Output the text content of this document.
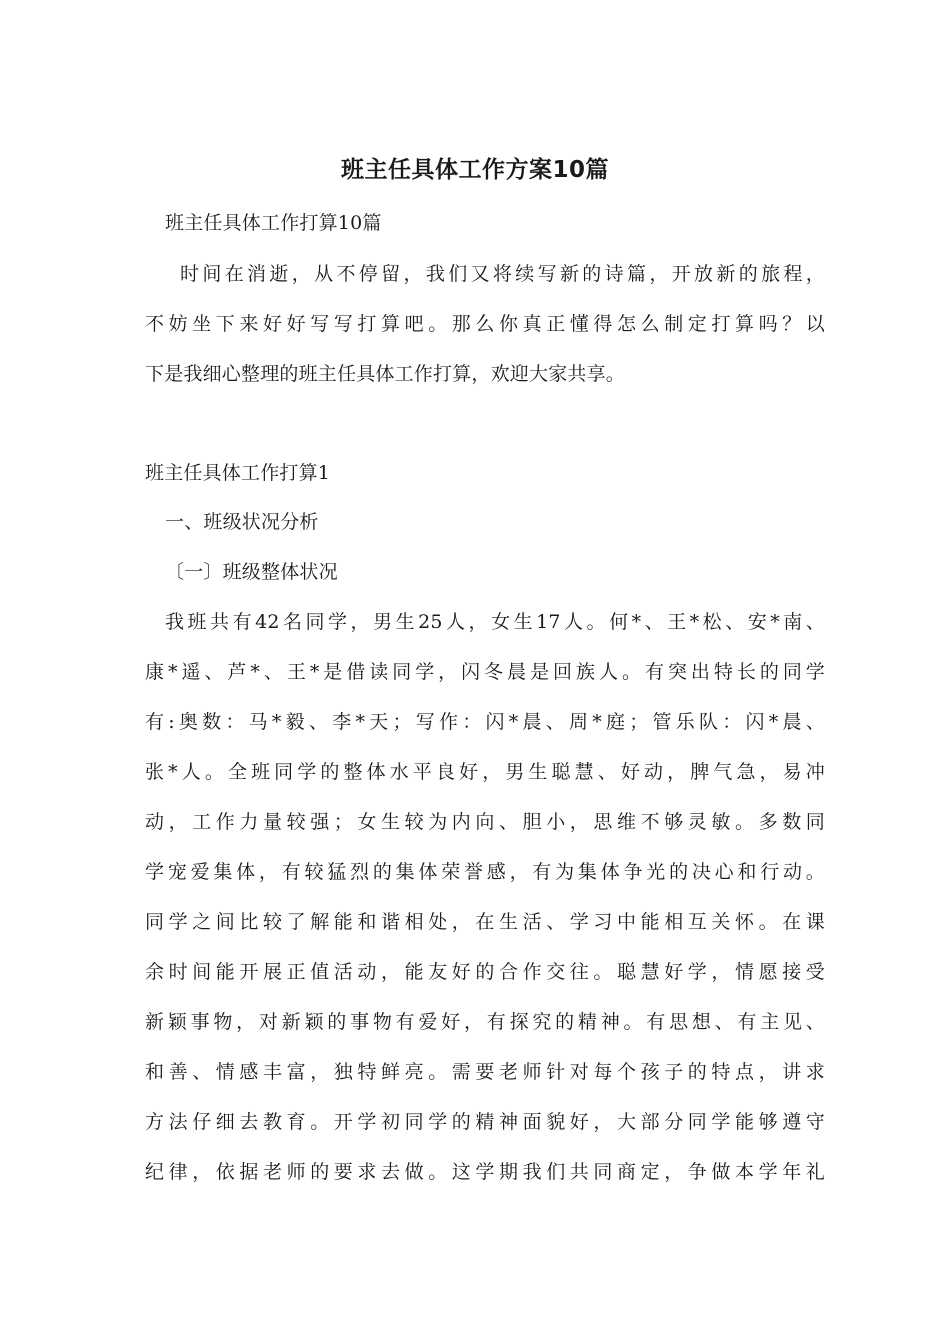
班主任具体工作方案10篇
班主任具体工作打算10篇
时间在消逝，从不停留，我们又将续写新的诗篇，开放新的旅程，
不妨坐下来好好写写打算吧。那么你真正懂得怎么制定打算吗？以
下是我细心整理的班主任具体工作打算，欢迎大家共享。
班主任具体工作打算1
一、班级状况分析
〔一〕班级整体状况
我班共有42名同学，男生25人，女生17人。何*、王*松、安*南、
康*遥、芦*、王*是借读同学，闪冬晨是回族人。有突出特长的同学
有:奥数：马*毅、李*天；写作：闪*晨、周*庭；管乐队：闪*晨、
张*人。全班同学的整体水平良好，男生聪慧、好动，脾气急，易冲
动，工作力量较强；女生较为内向、胆小，思维不够灵敏。多数同
学宠爱集体，有较猛烈的集体荣誉感，有为集体争光的决心和行动。
同学之间比较了解能和谐相处，在生活、学习中能相互关怀。在课
余时间能开展正值活动，能友好的合作交往。聪慧好学，情愿接受
新颖事物，对新颖的事物有爱好，有探究的精神。有思想、有主见、
和善、情感丰富，独特鲜亮。需要老师针对每个孩子的特点，讲求
方法仔细去教育。开学初同学的精神面貌好，大部分同学能够遵守
纪律，依据老师的要求去做。这学期我们共同商定，争做本学年礼
